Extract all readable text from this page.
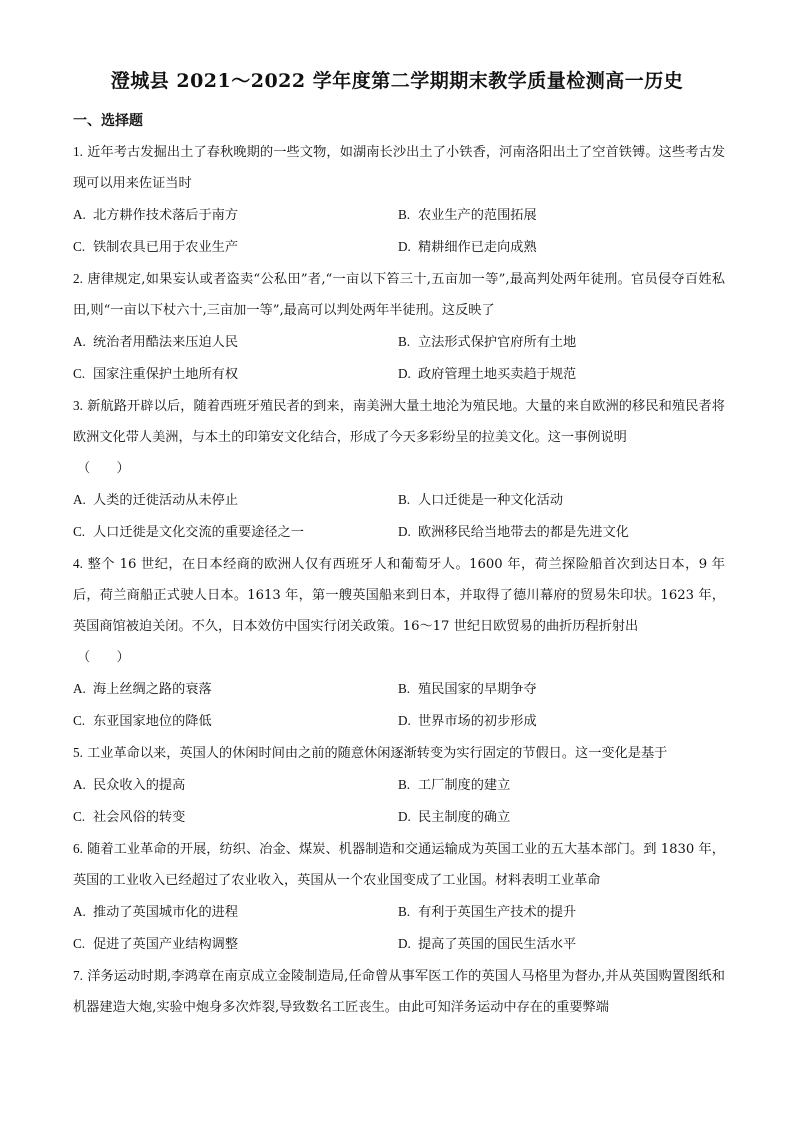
澄城县 2021～2022 学年度第二学期期末教学质量检测高一历史
一、选择题
1. 近年考古发掘出土了春秋晚期的一些文物，如湖南长沙出土了小铁香，河南洛阳出土了空首铁镈。这些考古发现可以用来佐证当时
A. 北方耕作技术落后于南方	B. 农业生产的范围拓展
C. 铁制农具已用于农业生产	D. 精耕细作已走向成熟
2. 唐律规定,如果妄认或者盗卖“公私田”者,“一亩以下笞三十,五亩加一等”,最高判处两年徒刑。官员侵夺百姓私田,则“一亩以下杖六十,三亩加一等”,最高可以判处两年半徒刑。这反映了
A. 统治者用酷法来压迫人民	B. 立法形式保护官府所有土地
C. 国家注重保护土地所有权	D. 政府管理土地买卖趋于规范
3. 新航路开辟以后，随着西班牙殖民者的到来，南美洲大量土地沦为殖民地。大量的来自欧洲的移民和殖民者将欧洲文化带人美洲，与本土的印第安文化结合，形成了今天多彩纷呈的拉美文化。这一事例说明
（　　）
A. 人类的迁徙活动从未停止	B. 人口迁徙是一种文化活动
C. 人口迁徙是文化交流的重要途径之一	D. 欧洲移民给当地带去的都是先进文化
4. 整个 16 世纪，在日本经商的欧洲人仅有西班牙人和葡萄牙人。1600 年，荷兰探险船首次到达日本，9 年后，荷兰商船正式驶人日本。1613 年，第一艘英国船来到日本，并取得了德川幕府的贸易朱印状。1623 年，英国商馆被迫关闭。不久，日本效仿中国实行闭关政策。16～17 世纪日欧贸易的曲折历程折射出
（　　）
A. 海上丝绸之路的衰落	B. 殖民国家的早期争夺
C. 东亚国家地位的降低	D. 世界市场的初步形成
5. 工业革命以来，英国人的休闲时间由之前的随意休闲逐渐转变为实行固定的节假日。这一变化是基于
A. 民众收入的提高	B. 工厂制度的建立
C. 社会风俗的转变	D. 民主制度的确立
6. 随着工业革命的开展，纺织、冶金、煤炭、机器制造和交通运输成为英国工业的五大基本部门。到 1830 年，英国的工业收入已经超过了农业收入，英国从一个农业国变成了工业国。材料表明工业革命
A. 推动了英国城市化的进程	B. 有利于英国生产技术的提升
C. 促进了英国产业结构调整	D. 提高了英国的国民生活水平
7. 洋务运动时期,李鸿章在南京成立金陵制造局,任命曾从事军医工作的英国人马格里为督办,并从英国购置图纸和机器建造大炮,实验中炮身多次炸裂,导致数名工匠丧生。由此可知洋务运动中存在的重要弊端
